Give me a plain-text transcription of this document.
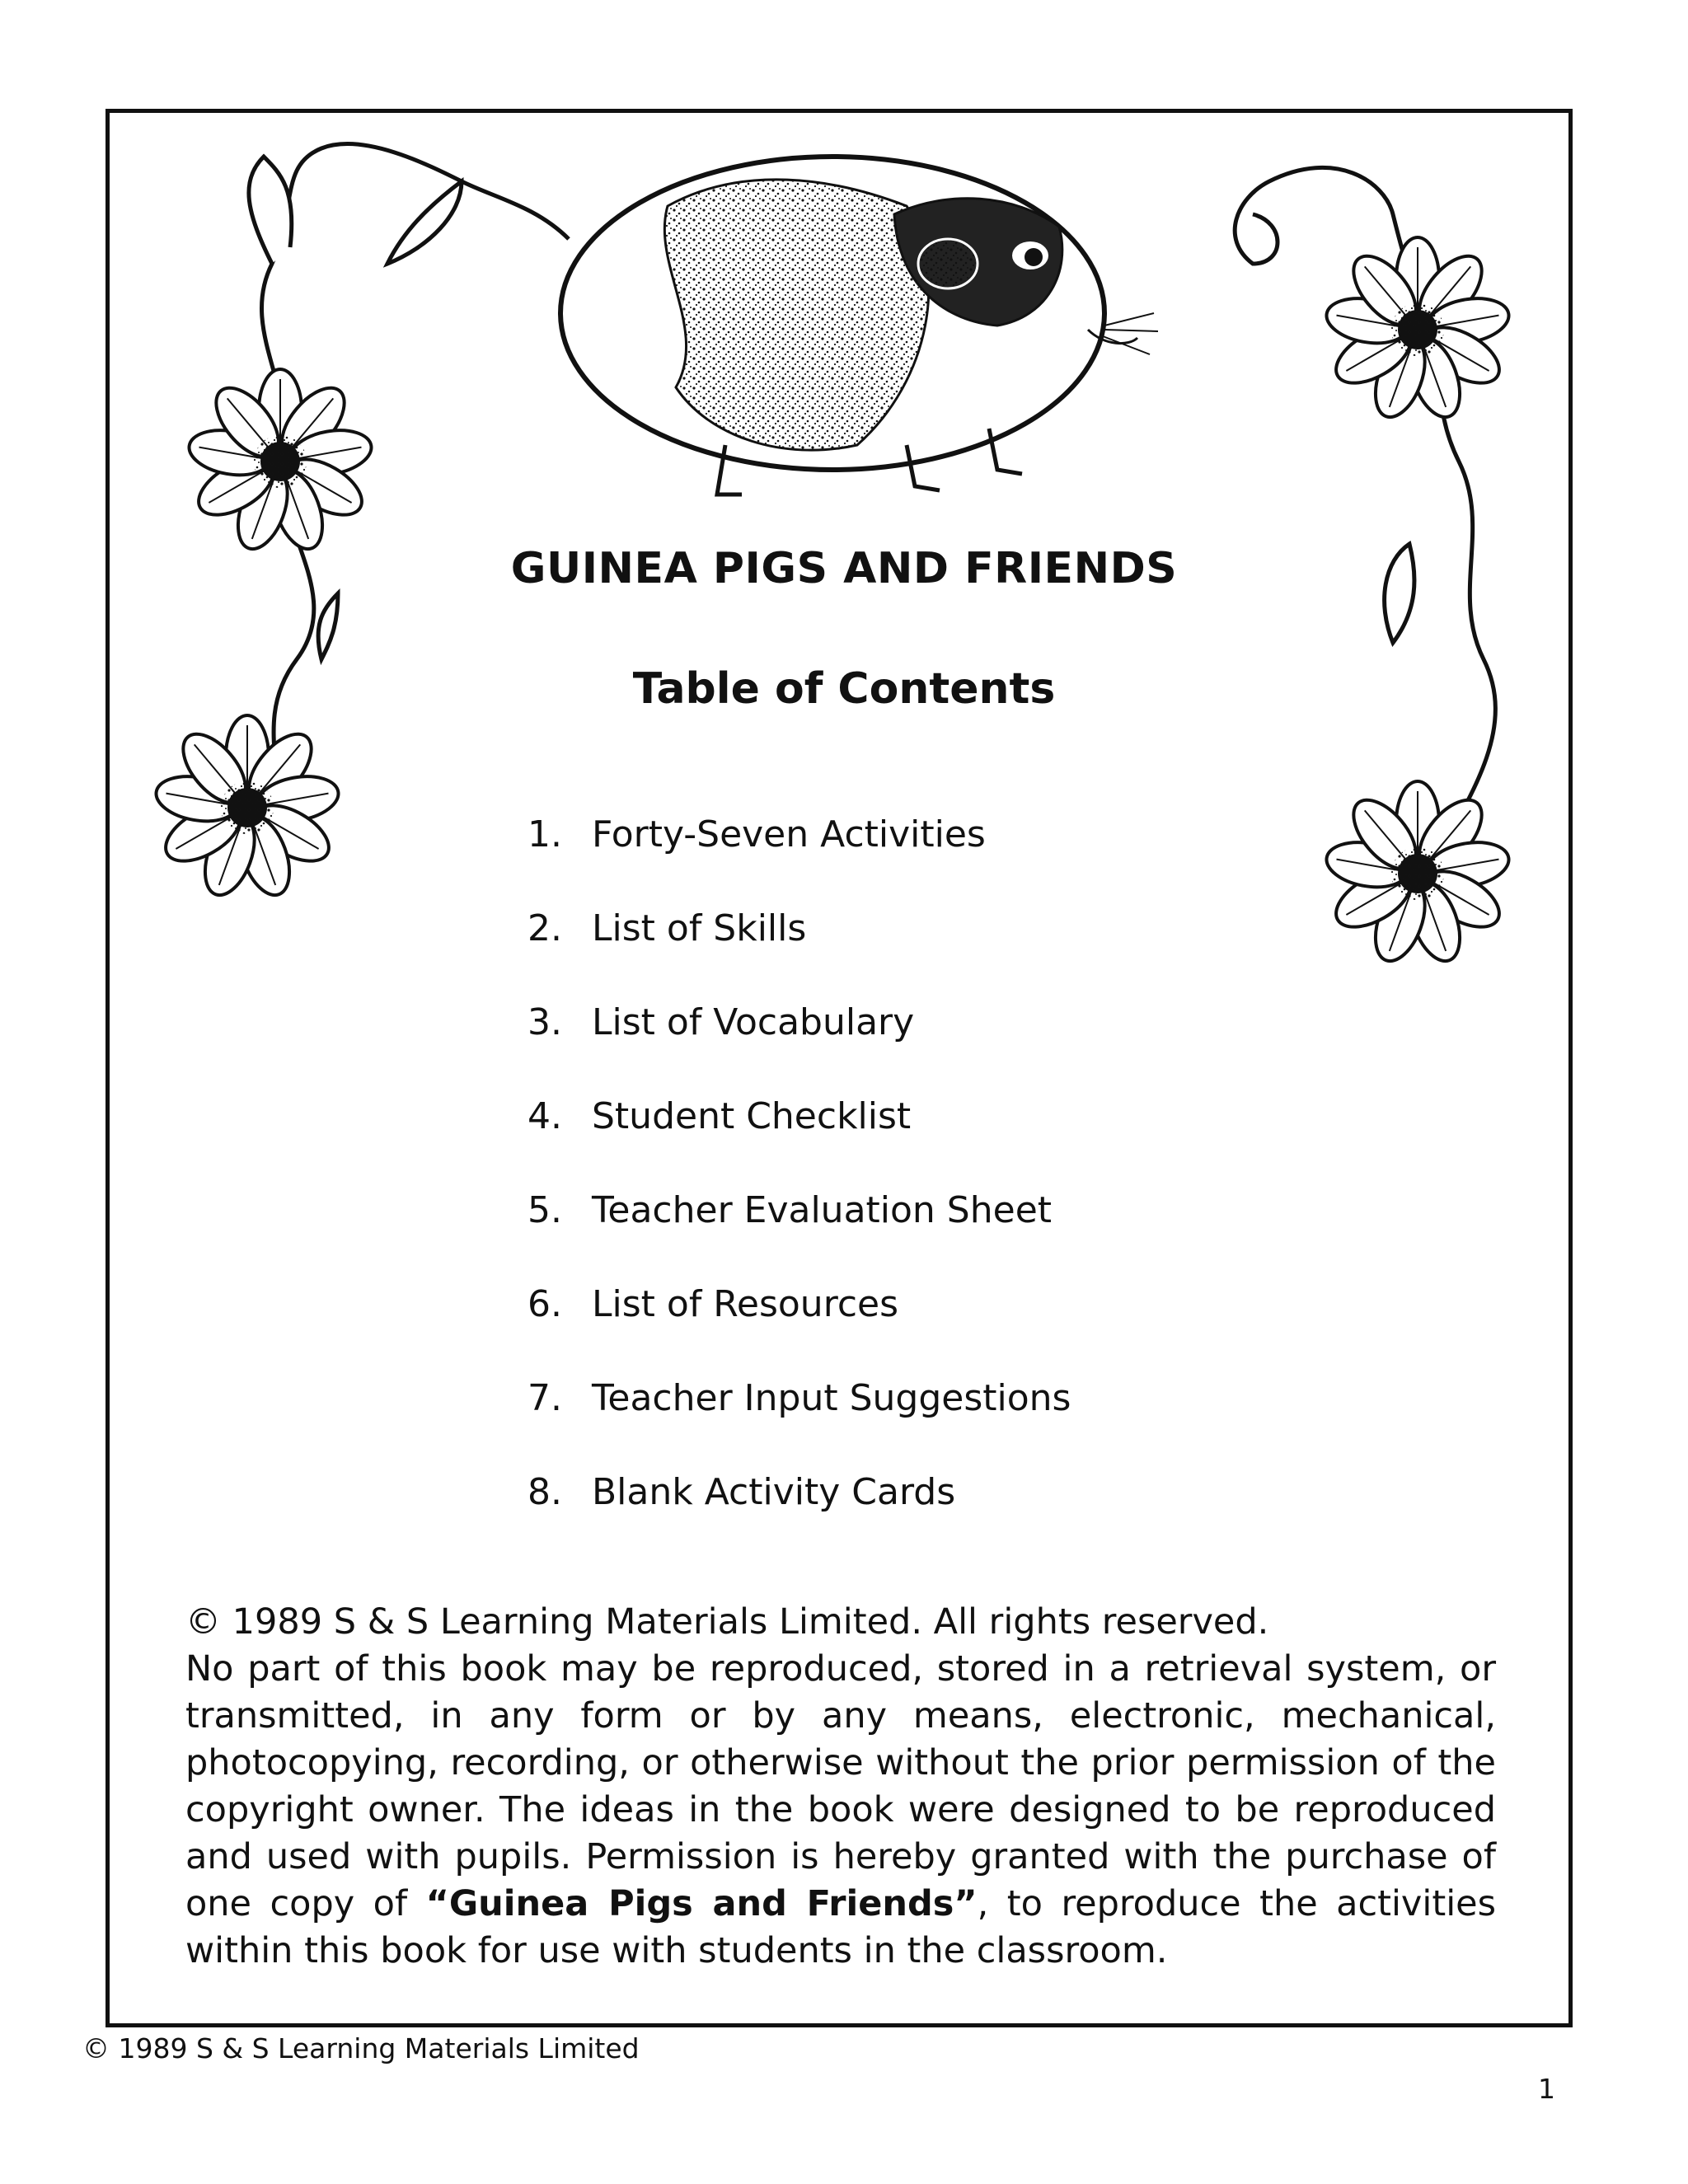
GUINEA PIGS AND FRIENDS
Table of Contents
1. Forty-Seven Activities
2. List of Skills
3. List of Vocabulary
4. Student Checklist
5. Teacher Evaluation Sheet
6. List of Resources
7. Teacher Input Suggestions
8. Blank Activity Cards

© 1989 S & S Learning Materials Limited. All rights reserved.

No part of this book may be reproduced, stored in a retrieval system, or transmitted, in any form or by any means, electronic, mechanical, photocopying, recording, or otherwise without the prior permission of the copyright owner. The ideas in the book were designed to be reproduced and used with pupils. Permission is hereby granted with the purchase of one copy of “Guinea Pigs and Friends”, to reproduce the activities within this book for use with students in the classroom.

© 1989 S & S Learning Materials Limited
1
